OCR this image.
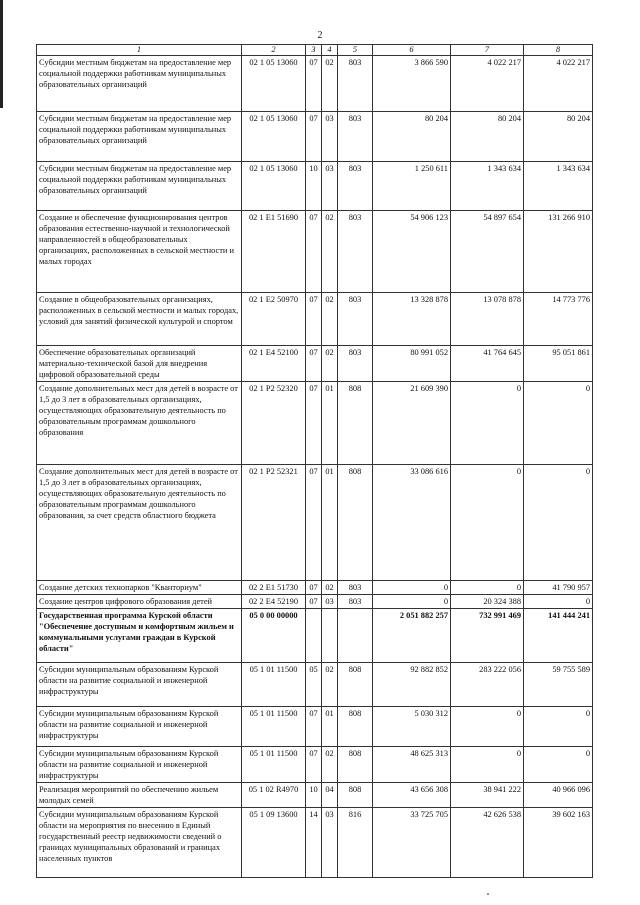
2
1	2	3	4	5	6	7	8
Субсидии местным бюджетам на предоставление мер социальной поддержки работникам муниципальных образовательных организаций	02 1 05 13060	07	02	803	3 866 590	4 022 217	4 022 217
Субсидии местным бюджетам на предоставление мер социальной поддержки работникам муниципальных образовательных организаций	02 1 05 13060	07	03	803	80 204	80 204	80 204
Субсидии местным бюджетам на предоставление мер социальной поддержки работникам муниципальных образовательных организаций	02 1 05 13060	10	03	803	1 250 611	1 343 634	1 343 634
Создание и обеспечение функционирования центров образования естественно-научной и технологической направленностей в общеобразовательных организациях, расположенных в сельской местности и малых городах	02 1 E1 51690	07	02	803	54 906 123	54 897 654	131 266 910
Создание в общеобразовательных организациях, расположенных в сельской местности и малых городах, условий для занятий физической культурой и спортом	02 1 E2 50970	07	02	803	13 328 878	13 078 878	14 773 776
Обеспечение образовательных организаций материально-технической базой для внедрения цифровой образовательной среды	02 1 E4 52100	07	02	803	80 991 052	41 764 645	95 051 861
Создание дополнительных мест для детей в возрасте от 1,5 до 3 лет в образовательных организациях, осуществляющих образовательную деятельность по образовательным программам дошкольного образования	02 1 P2 52320	07	01	808	21 609 390	0	0
Создание дополнительных мест для детей в возрасте от 1,5 до 3 лет в образовательных организациях, осуществляющих образовательную деятельность по образовательным программам дошкольного образования, за счет средств областного бюджета	02 1 P2 52321	07	01	808	33 086 616	0	0
Создание детских технопарков "Кванториум"	02 2 E1 51730	07	02	803	0	0	41 790 957
Создание центров цифрового образования детей	02 2 E4 52190	07	03	803	0	20 324 388	0
Государственная программа Курской области "Обеспечение доступным и комфортным жильем и коммунальными услугами граждан в Курской области"	05 0 00 00000				2 051 882 257	732 991 469	141 444 241
Субсидии муниципальным образованиям Курской области на развитие социальной и инженерной инфраструктуры	05 1 01 11500	05	02	808	92 882 852	283 222 056	59 755 589
Субсидии муниципальным образованиям Курской области на развитие социальной и инженерной инфраструктуры	05 1 01 11500	07	01	808	5 030 312	0	0
Субсидии муниципальным образованиям Курской области на развитие социальной и инженерной инфраструктуры	05 1 01 11500	07	02	808	48 625 313	0	0
Реализация мероприятий по обеспечению жильем молодых семей	05 1 02 R4970	10	04	808	43 656 308	38 941 222	40 966 096
Субсидии муниципальным образованиям Курской области на мероприятия по внесению в Единый государственный реестр недвижимости сведений о границах муниципальных образований и границах населенных пунктов	05 1 09 13600	14	03	816	33 725 705	42 626 538	39 602 163
